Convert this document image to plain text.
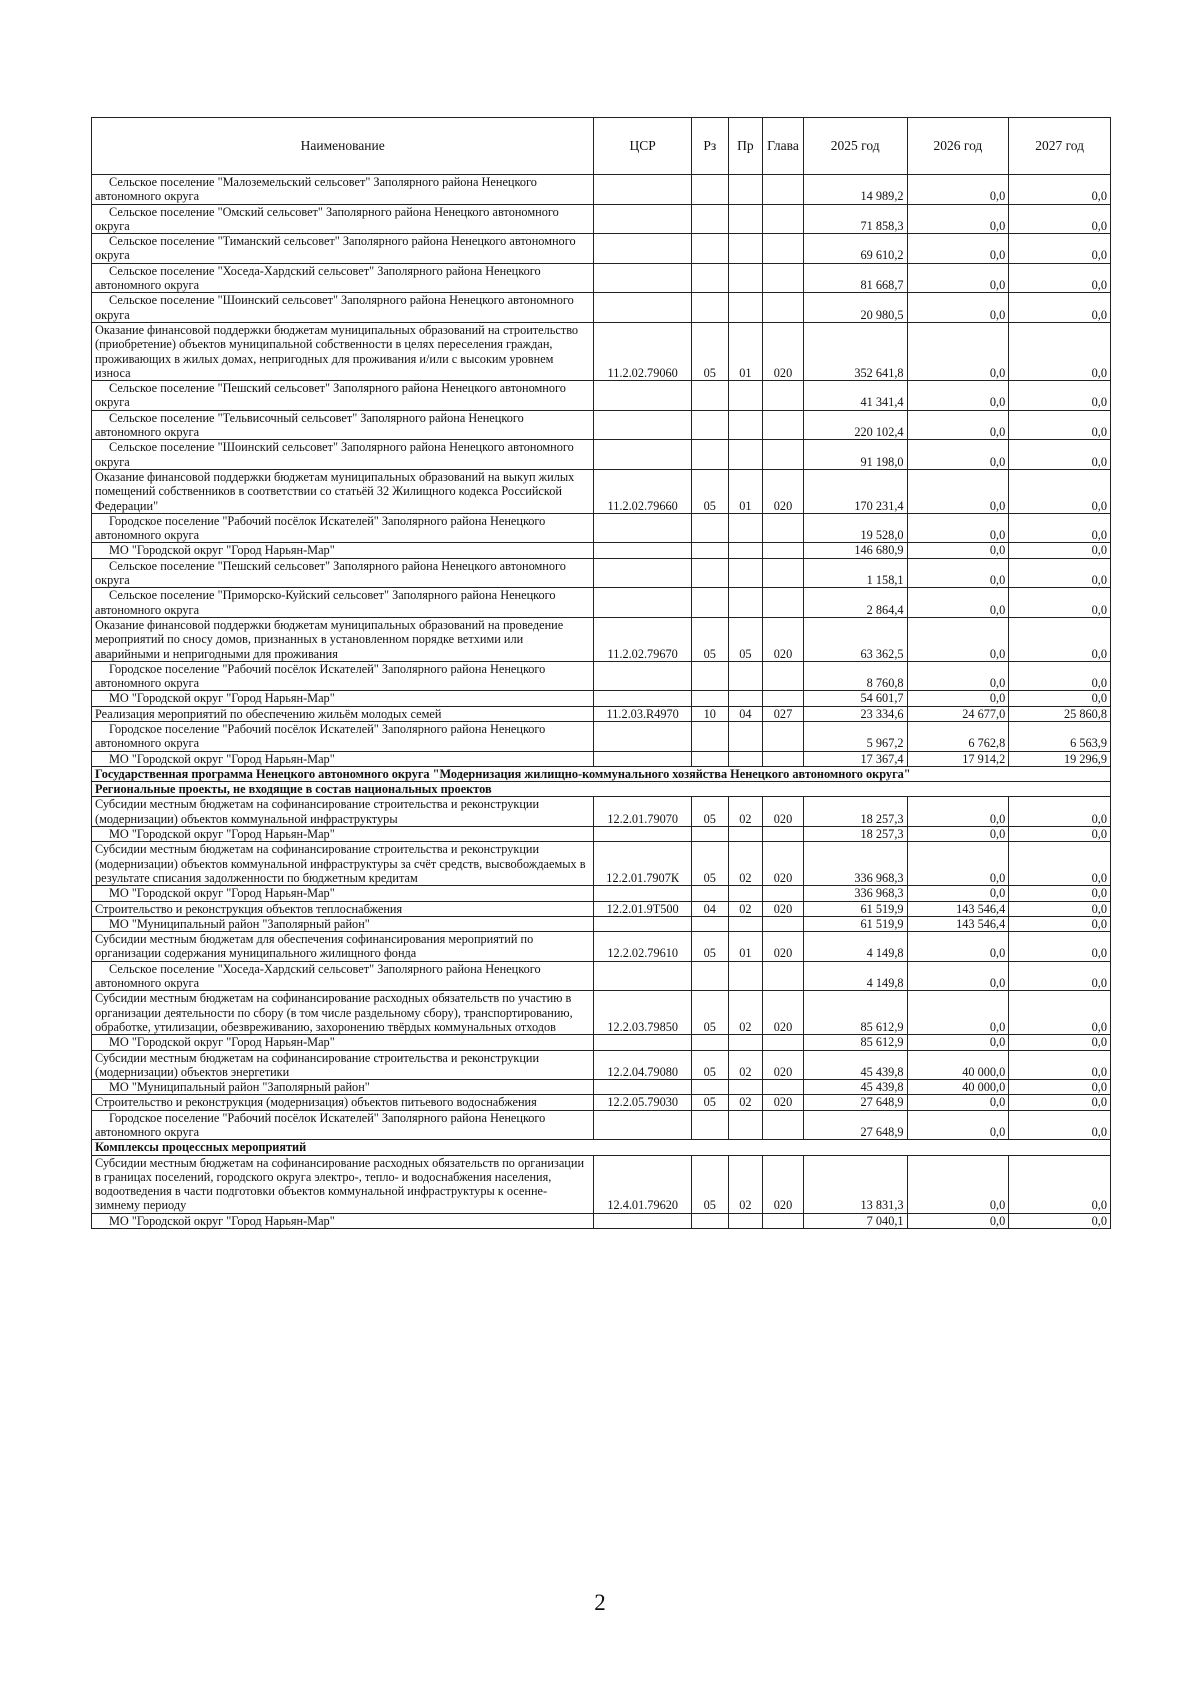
Наименование	ЦСР	Рз	Пр	Глава	2025 год	2026 год	2027 год
Сельское поселение "Малоземельский сельсовет" Заполярного района Ненецкого автономного округа					14 989,2	0,0	0,0
Сельское поселение "Омский сельсовет" Заполярного района Ненецкого автономного округа					71 858,3	0,0	0,0
Сельское поселение "Тиманский сельсовет" Заполярного района Ненецкого автономного округа					69 610,2	0,0	0,0
Сельское поселение "Хоседа-Хардский сельсовет" Заполярного района Ненецкого автономного округа					81 668,7	0,0	0,0
Сельское поселение "Шоинский сельсовет" Заполярного района Ненецкого автономного округа					20 980,5	0,0	0,0
Оказание финансовой поддержки бюджетам муниципальных образований на строительство (приобретение) объектов муниципальной собственности в целях переселения граждан, проживающих в жилых домах, непригодных для проживания и/или с высоким уровнем износа	11.2.02.79060	05	01	020	352 641,8	0,0	0,0
Сельское поселение "Пешский сельсовет" Заполярного района Ненецкого автономного округа					41 341,4	0,0	0,0
Сельское поселение "Тельвисочный сельсовет" Заполярного района Ненецкого автономного округа					220 102,4	0,0	0,0
Сельское поселение "Шоинский сельсовет" Заполярного района Ненецкого автономного округа					91 198,0	0,0	0,0
Оказание финансовой поддержки бюджетам муниципальных образований на выкуп жилых помещений собственников в соответствии со статьёй 32 Жилищного кодекса Российской Федерации"	11.2.02.79660	05	01	020	170 231,4	0,0	0,0
Городское поселение "Рабочий посёлок Искателей" Заполярного района Ненецкого автономного округа					19 528,0	0,0	0,0
МО "Городской округ "Город Нарьян-Мар"					146 680,9	0,0	0,0
Сельское поселение "Пешский сельсовет" Заполярного района Ненецкого автономного округа					1 158,1	0,0	0,0
Сельское поселение "Приморско-Куйский сельсовет" Заполярного района Ненецкого автономного округа					2 864,4	0,0	0,0
Оказание финансовой поддержки бюджетам муниципальных образований на проведение мероприятий по сносу домов, признанных в установленном порядке ветхими или аварийными и непригодными для проживания	11.2.02.79670	05	05	020	63 362,5	0,0	0,0
Городское поселение "Рабочий посёлок Искателей" Заполярного района Ненецкого автономного округа					8 760,8	0,0	0,0
МО "Городской округ "Город Нарьян-Мар"					54 601,7	0,0	0,0
Реализация мероприятий по обеспечению жильём молодых семей	11.2.03.R4970	10	04	027	23 334,6	24 677,0	25 860,8
Городское поселение "Рабочий посёлок Искателей" Заполярного района Ненецкого автономного округа					5 967,2	6 762,8	6 563,9
МО "Городской округ "Город Нарьян-Мар"					17 367,4	17 914,2	19 296,9
Государственная программа Ненецкого автономного округа "Модернизация жилищно-коммунального хозяйства Ненецкого автономного округа"							
Региональные проекты, не входящие в состав национальных проектов							
Субсидии местным бюджетам на софинансирование строительства и реконструкции (модернизации) объектов коммунальной инфраструктуры	12.2.01.79070	05	02	020	18 257,3	0,0	0,0
МО "Городской округ "Город Нарьян-Мар"					18 257,3	0,0	0,0
Субсидии местным бюджетам на софинансирование строительства и реконструкции (модернизации) объектов коммунальной инфраструктуры за счёт средств, высвобождаемых в результате списания задолженности по бюджетным кредитам	12.2.01.7907К	05	02	020	336 968,3	0,0	0,0
МО "Городской округ "Город Нарьян-Мар"					336 968,3	0,0	0,0
Строительство и реконструкция объектов теплоснабжения	12.2.01.9Т500	04	02	020	61 519,9	143 546,4	0,0
МО "Муниципальный район "Заполярный район"					61 519,9	143 546,4	0,0
Субсидии местным бюджетам для обеспечения софинансирования мероприятий по организации содержания муниципального жилищного фонда	12.2.02.79610	05	01	020	4 149,8	0,0	0,0
Сельское поселение "Хоседа-Хардский сельсовет" Заполярного района Ненецкого автономного округа					4 149,8	0,0	0,0
Субсидии местным бюджетам на софинансирование расходных обязательств по участию в организации деятельности по сбору (в том числе раздельному сбору), транспортированию, обработке, утилизации, обезвреживанию, захоронению твёрдых коммунальных отходов	12.2.03.79850	05	02	020	85 612,9	0,0	0,0
МО "Городской округ "Город Нарьян-Мар"					85 612,9	0,0	0,0
Субсидии местным бюджетам на софинансирование строительства и реконструкции (модернизации) объектов энергетики	12.2.04.79080	05	02	020	45 439,8	40 000,0	0,0
МО "Муниципальный район "Заполярный район"					45 439,8	40 000,0	0,0
Строительство и реконструкция (модернизация) объектов питьевого водоснабжения	12.2.05.79030	05	02	020	27 648,9	0,0	0,0
Городское поселение "Рабочий посёлок Искателей" Заполярного района Ненецкого автономного округа					27 648,9	0,0	0,0
Комплексы процессных мероприятий							
Субсидии местным бюджетам на софинансирование расходных обязательств по организации в границах поселений, городского округа электро-, тепло- и водоснабжения населения, водоотведения в части подготовки объектов коммунальной инфраструктуры к осенне-зимнему периоду	12.4.01.79620	05	02	020	13 831,3	0,0	0,0
МО "Городской округ "Город Нарьян-Мар"					7 040,1	0,0	0,0
2
